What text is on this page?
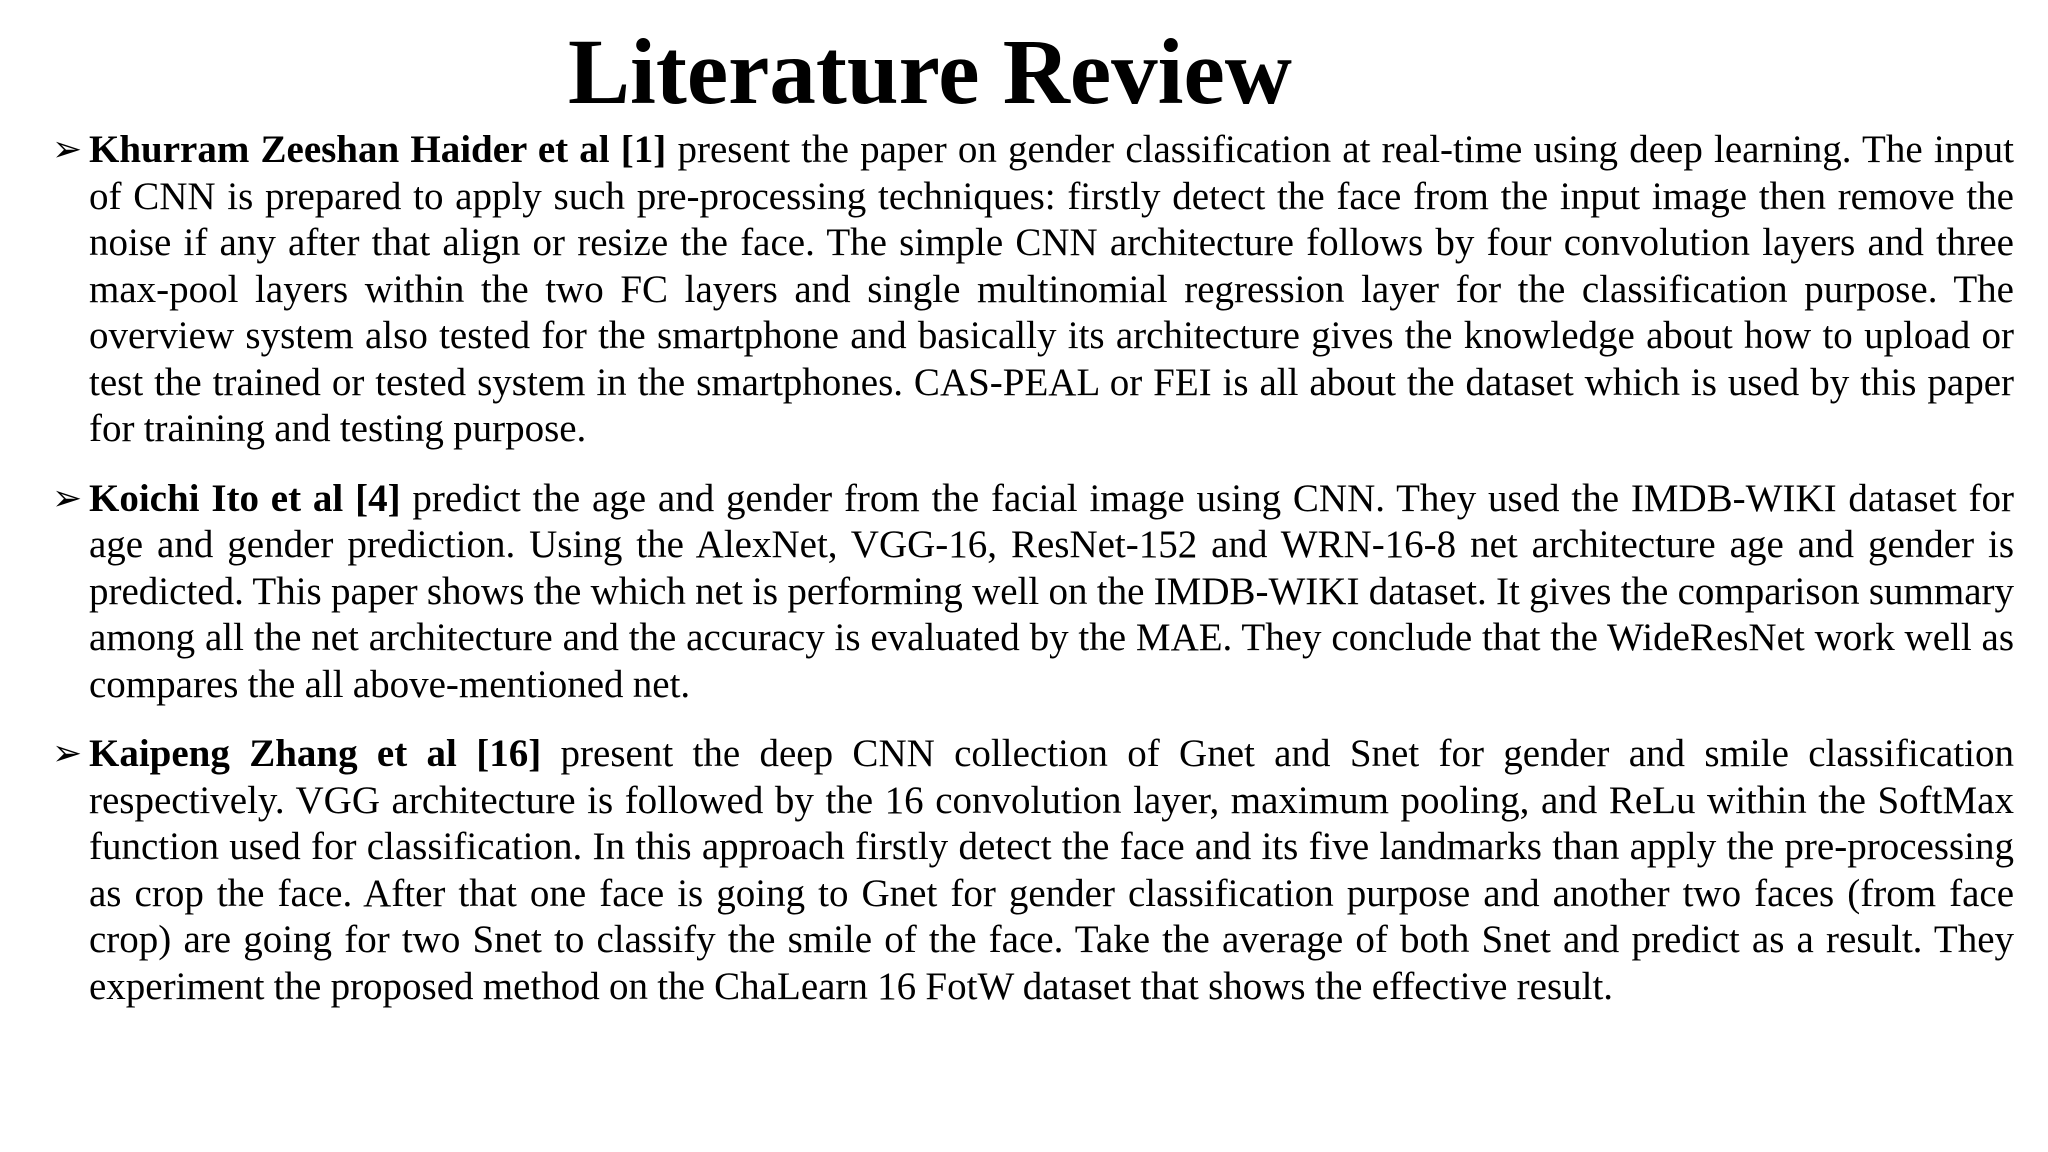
Literature Review
➢ Khurram Zeeshan Haider et al [1] present the paper on gender classification at real-time using deep learning. The input of CNN is prepared to apply such pre-processing techniques: firstly detect the face from the input image then remove the noise if any after that align or resize the face. The simple CNN architecture follows by four convolution layers and three max-pool layers within the two FC layers and single multinomial regression layer for the classification purpose. The overview system also tested for the smartphone and basically its architecture gives the knowledge about how to upload or test the trained or tested system in the smartphones. CAS-PEAL or FEI is all about the dataset which is used by this paper for training and testing purpose.
➢ Koichi Ito et al [4] predict the age and gender from the facial image using CNN. They used the IMDB-WIKI dataset for age and gender prediction. Using the AlexNet, VGG-16, ResNet-152 and WRN-16-8 net architecture age and gender is predicted. This paper shows the which net is performing well on the IMDB-WIKI dataset. It gives the comparison summary among all the net architecture and the accuracy is evaluated by the MAE. They conclude that the WideResNet work well as compares the all above-mentioned net.
➢ Kaipeng Zhang et al [16] present the deep CNN collection of Gnet and Snet for gender and smile classification respectively. VGG architecture is followed by the 16 convolution layer, maximum pooling, and ReLu within the SoftMax function used for classification. In this approach firstly detect the face and its five landmarks than apply the pre-processing as crop the face. After that one face is going to Gnet for gender classification purpose and another two faces (from face crop) are going for two Snet to classify the smile of the face. Take the average of both Snet and predict as a result. They experiment the proposed method on the ChaLearn 16 FotW dataset that shows the effective result.
